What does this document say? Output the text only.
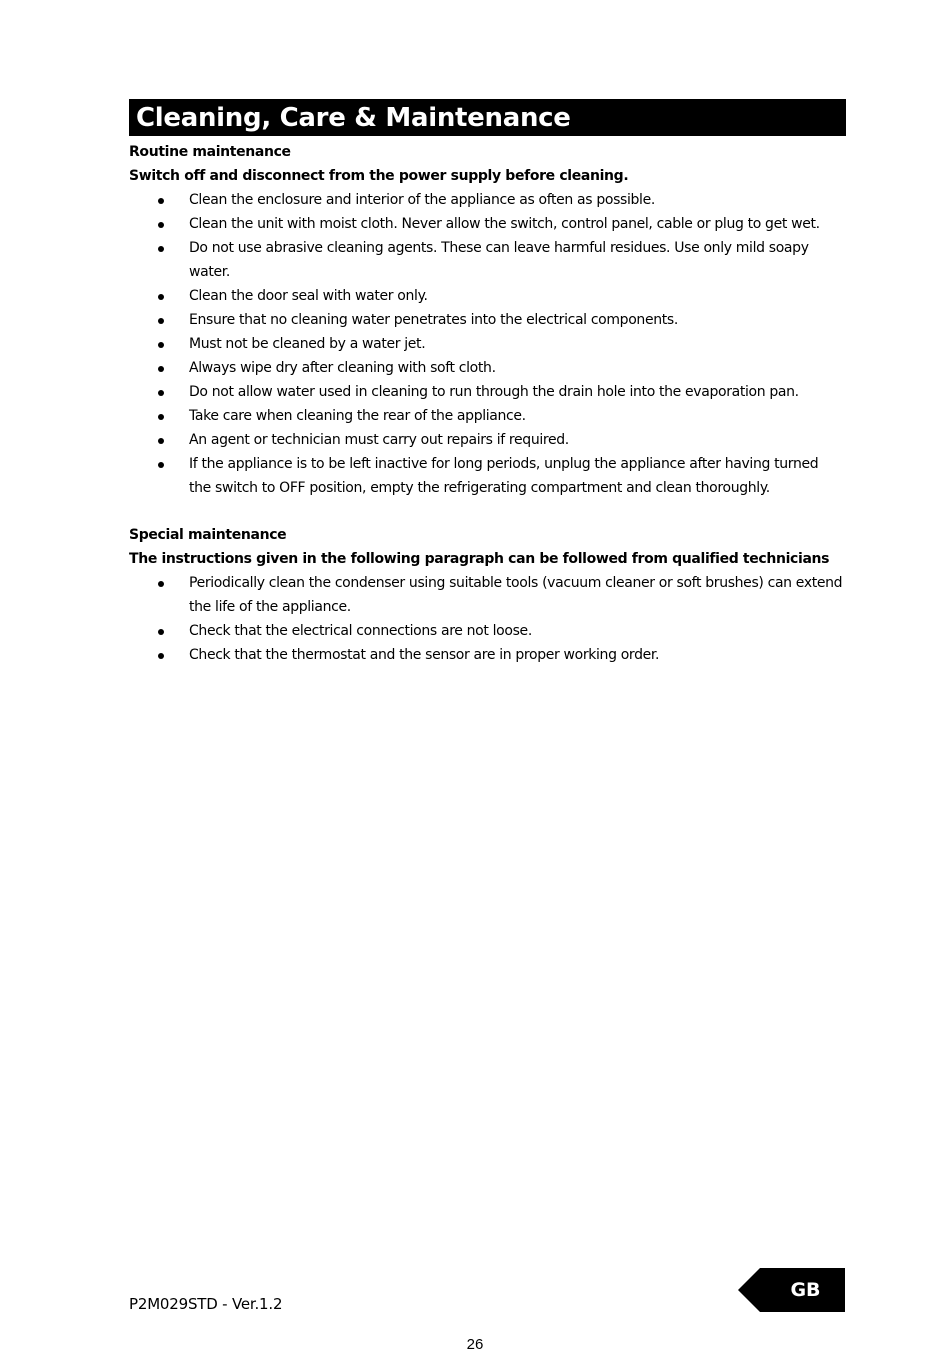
Cleaning, Care & Maintenance
Routine maintenance
Switch off and disconnect from the power supply before cleaning.
Clean the enclosure and interior of the appliance as often as possible.
Clean the unit with moist cloth. Never allow the switch, control panel, cable or plug to get wet.
Do not use abrasive cleaning agents. These can leave harmful residues. Use only mild soapy
water.
Clean the door seal with water only.
Ensure that no cleaning water penetrates into the electrical components.
Must not be cleaned by a water jet.
Always wipe dry after cleaning with soft cloth.
Do not allow water used in cleaning to run through the drain hole into the evaporation pan.
Take care when cleaning the rear of the appliance.
An agent or technician must carry out repairs if required.
If the appliance is to be left inactive for long periods, unplug the appliance after having turned
the switch to OFF position, empty the refrigerating compartment and clean thoroughly.
Special maintenance
The instructions given in the following paragraph can be followed from qualified technicians
Periodically clean the condenser using suitable tools (vacuum cleaner or soft brushes) can extend
the life of the appliance.
Check that the electrical connections are not loose.
Check that the thermostat and the sensor are in proper working order.
P2M029STD - Ver.1.2
GB
26
